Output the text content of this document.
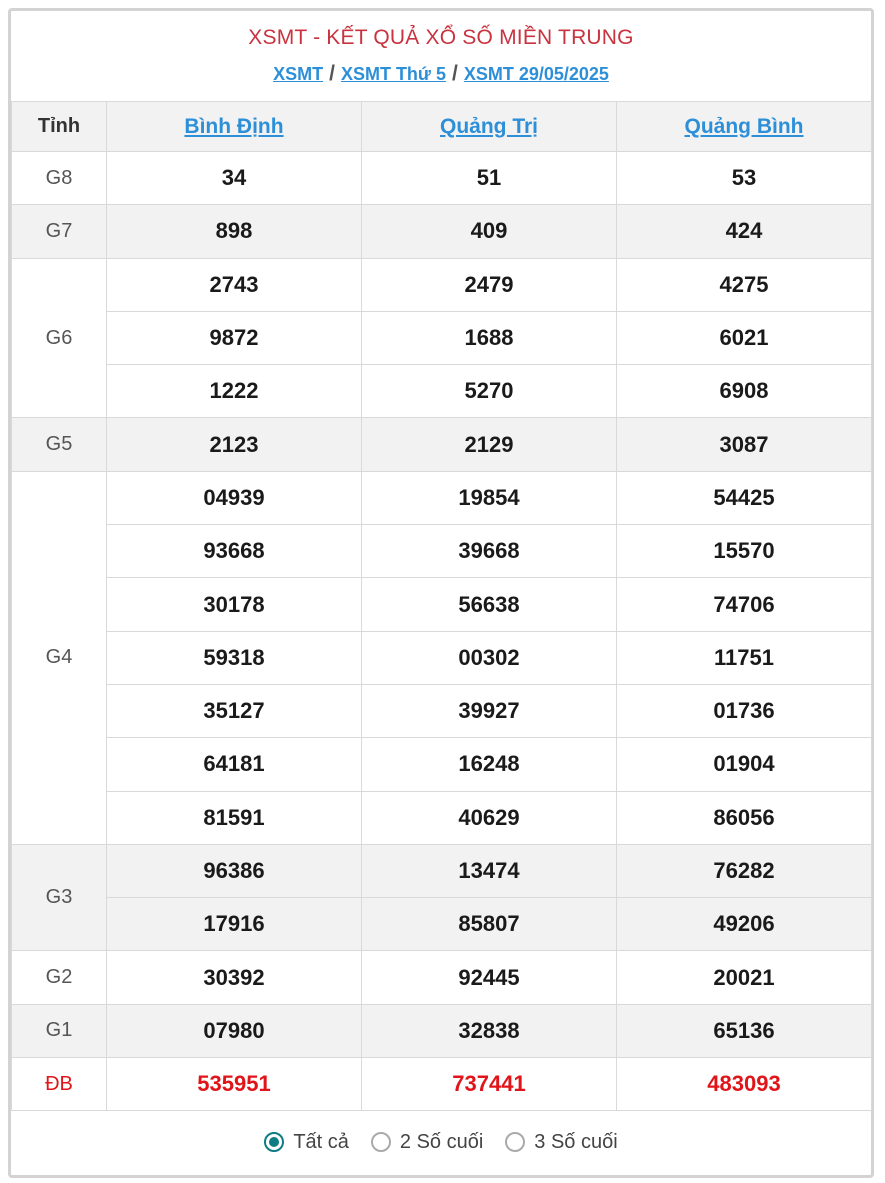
XSMT - KẾT QUẢ XỔ SỐ MIỀN TRUNG
XSMT / XSMT Thứ 5 / XSMT 29/05/2025
Tỉnh	Bình Định	Quảng Trị	Quảng Bình
G8	34	51	53
G7	898	409	424
G6	2743	2479	4275
	9872	1688	6021
	1222	5270	6908
G5	2123	2129	3087
G4	04939	19854	54425
	93668	39668	15570
	30178	56638	74706
	59318	00302	11751
	35127	39927	01736
	64181	16248	01904
	81591	40629	86056
G3	96386	13474	76282
	17916	85807	49206
G2	30392	92445	20021
G1	07980	32838	65136
ĐB	535951	737441	483093
Tất cả	2 Số cuối	3 Số cuối
